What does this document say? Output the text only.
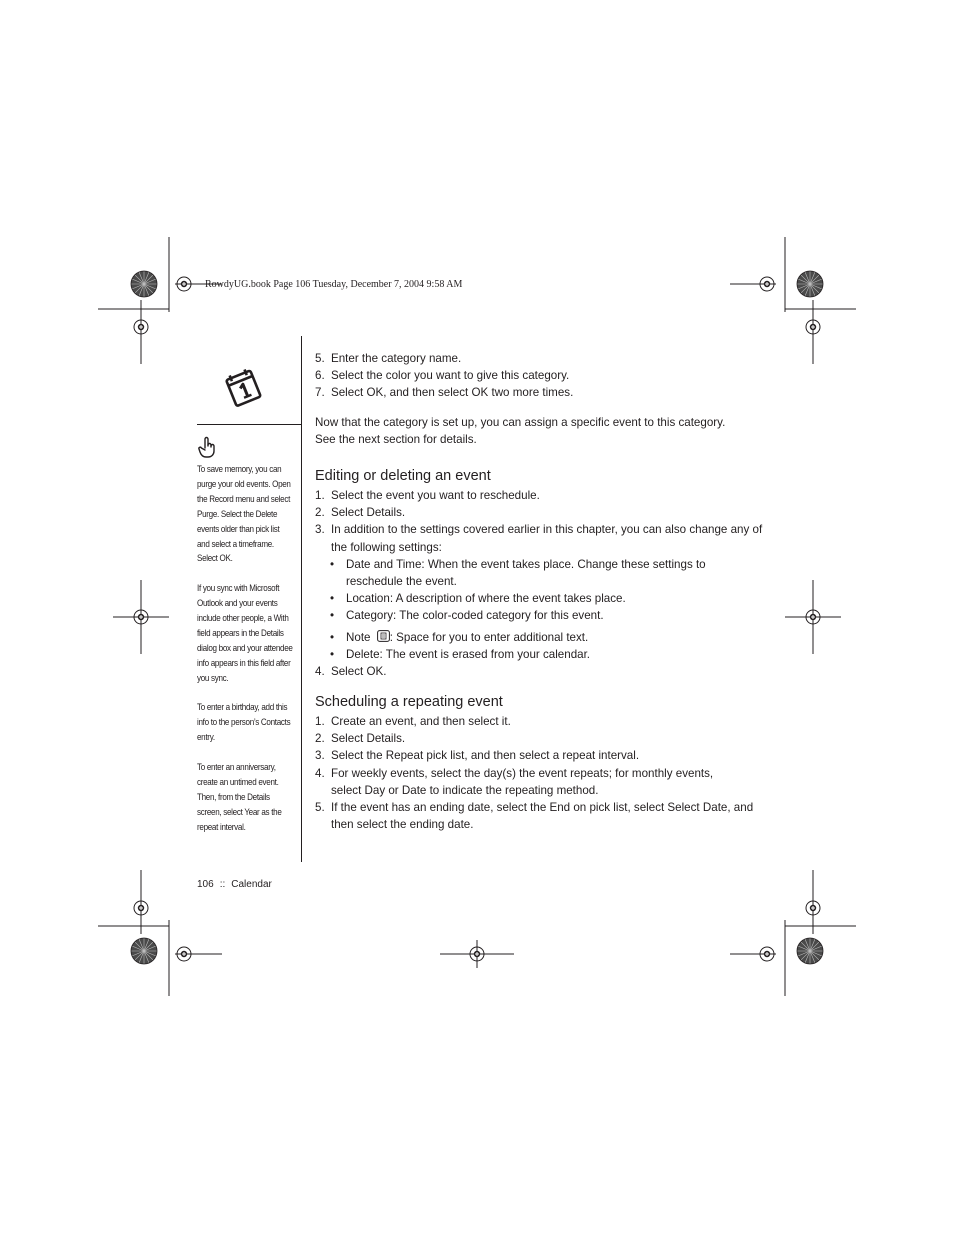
RowdyUG.book Page 106 Tuesday, December 7, 2004 9:58 AM

To save memory, you can purge your old events. Open the Record menu and select Purge. Select the Delete events older than pick list and select a timeframe. Select OK.

If you sync with Microsoft Outlook and your events include other people, a With field appears in the Details dialog box and your attendee info appears in this field after you sync.

To enter a birthday, add this info to the person’s Contacts entry.

To enter an anniversary, create an untimed event. Then, from the Details screen, select Year as the repeat interval.

5. Enter the category name.
6. Select the color you want to give this category.
7. Select OK, and then select OK two more times.

Now that the category is set up, you can assign a specific event to this category.

See the next section for details.

Editing or deleting an event
1. Select the event you want to reschedule.
2. Select Details.
3. In addition to the settings covered earlier in this chapter, you can also change any of the following settings:
• Date and Time: When the event takes place. Change these settings to reschedule the event.
• Location: A description of where the event takes place.
• Category: The color-coded category for this event.
• Note : Space for you to enter additional text.
• Delete: The event is erased from your calendar.
4. Select OK.
Scheduling a repeating event
1. Create an event, and then select it.
2. Select Details.
3. Select the Repeat pick list, and then select a repeat interval.
4. For weekly events, select the day(s) the event repeats; for monthly events, select Day or Date to indicate the repeating method.
5. If the event has an ending date, select the End on pick list, select Select Date, and then select the ending date.
106 :: Calendar
